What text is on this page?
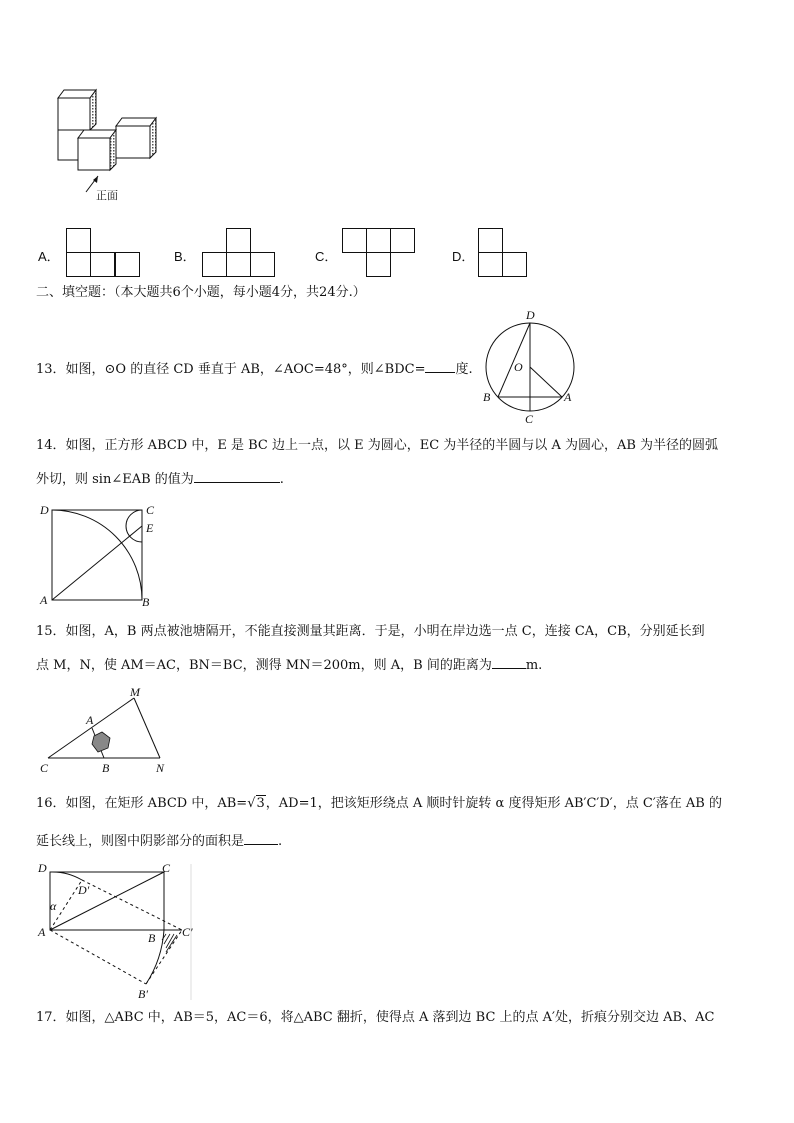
正面
A．	B．	C．	D．
二、填空题：（本大题共6个小题，每小题4分，共24分.）
13．如图，⊙O 的直径 CD 垂直于 AB，∠AOC=48°，则∠BDC= 度.
D
O
B	A
C
14．如图，正方形 ABCD 中，E 是 BC 边上一点，以 E 为圆心，EC 为半径的半圆与以 A 为圆心，AB 为半径的圆弧
外切，则 sin∠EAB 的值为	.
D	C
E
A	B
15．如图，A，B 两点被池塘隔开，不能直接测量其距离．于是，小明在岸边选一点 C，连接 CA，CB，分别延长到
点 M，N，使 AM＝AC，BN＝BC，测得 MN＝200m，则 A，B 间的距离为	m.
M
A
C	B	N
16．如图，在矩形 ABCD 中，AB=√3，AD=1，把该矩形绕点 A 顺时针旋转 α 度得矩形 AB′C′D′，点 C′落在 AB 的
延长线上，则图中阴影部分的面积是	.
D	C
D′
α
A	B C′
B′
17．如图，△ABC 中，AB＝5，AC＝6，将△ABC 翻折，使得点 A 落到边 BC 上的点 A′处，折痕分别交边 AB、AC
